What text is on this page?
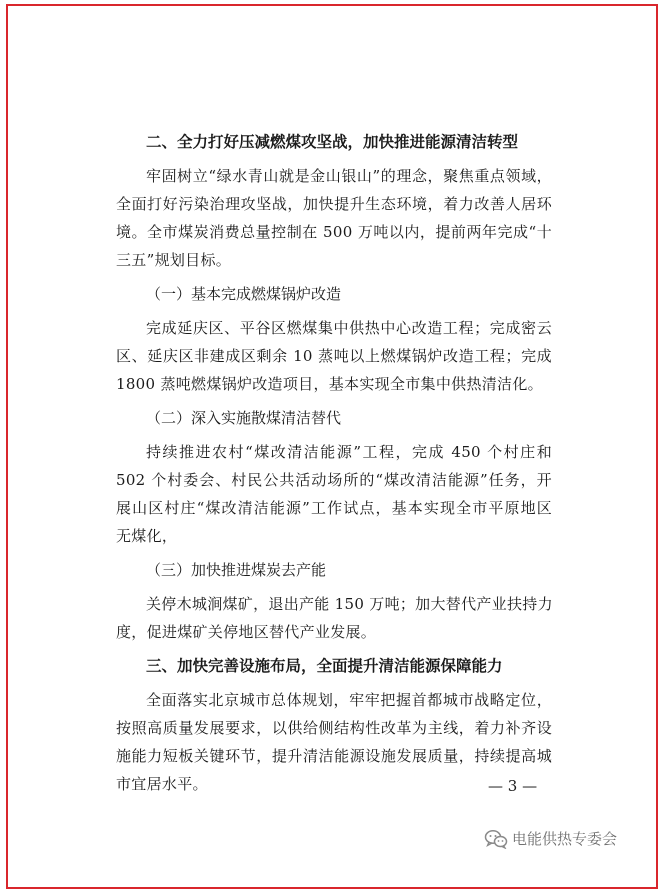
二、全力打好压减燃煤攻坚战，加快推进能源清洁转型
牢固树立“绿水青山就是金山银山”的理念，聚焦重点领域，
全面打好污染治理攻坚战，加快提升生态环境，着力改善人居环
境。全市煤炭消费总量控制在 500 万吨以内，提前两年完成“十
三五”规划目标。
（一）基本完成燃煤锅炉改造
完成延庆区、平谷区燃煤集中供热中心改造工程；完成密云
区、延庆区非建成区剩余 10 蒸吨以上燃煤锅炉改造工程；完成
1800 蒸吨燃煤锅炉改造项目，基本实现全市集中供热清洁化。
（二）深入实施散煤清洁替代
持续推进农村“煤改清洁能源”工程，完成 450 个村庄和
502 个村委会、村民公共活动场所的“煤改清洁能源”任务，开
展山区村庄“煤改清洁能源”工作试点，基本实现全市平原地区
无煤化，
（三）加快推进煤炭去产能
关停木城涧煤矿，退出产能 150 万吨；加大替代产业扶持力
度，促进煤矿关停地区替代产业发展。
三、加快完善设施布局，全面提升清洁能源保障能力
全面落实北京城市总体规划，牢牢把握首都城市战略定位，
按照高质量发展要求，以供给侧结构性改革为主线，着力补齐设
施能力短板关键环节，提升清洁能源设施发展质量，持续提高城
市宜居水平。	— 3 —
电能供热专委会
